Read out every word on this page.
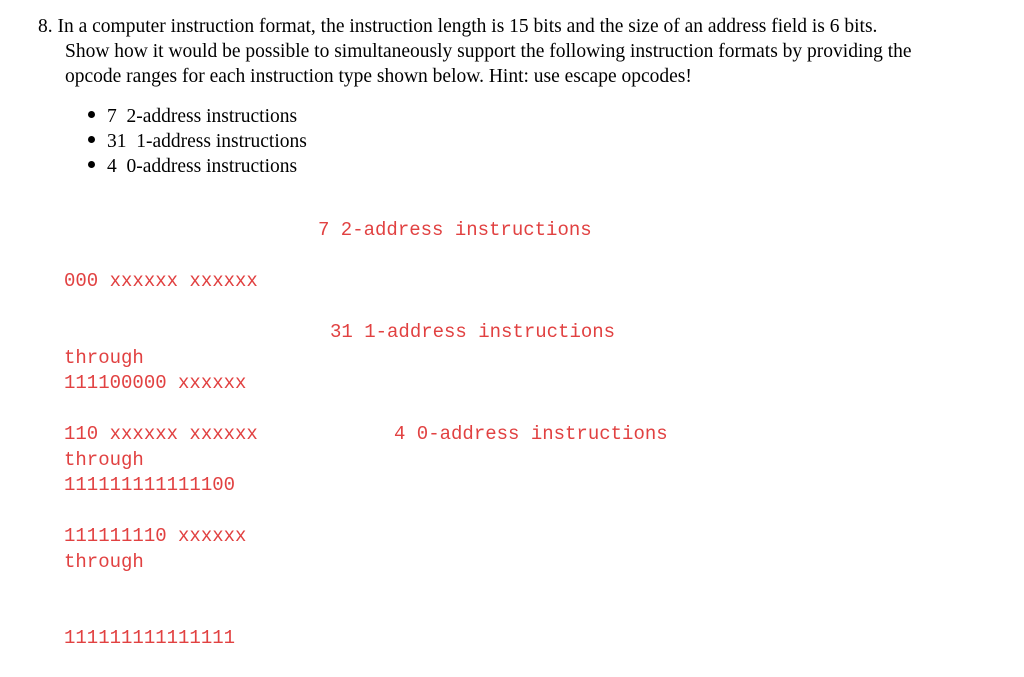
8. In a computer instruction format, the instruction length is 15 bits and the size of an address field is 6 bits.
Show how it would be possible to simultaneously support the following instruction formats by providing the
opcode ranges for each instruction type shown below. Hint: use escape opcodes!
7  2-address instructions
31  1-address instructions
4  0-address instructions

000 xxxxxx xxxxxx

through

110 xxxxxx xxxxxx

7 2-address instructions

111100000 xxxxxx

through

111111110 xxxxxx

31 1-address instructions

111111111111100

through

111111111111111

4 0-address instructions
